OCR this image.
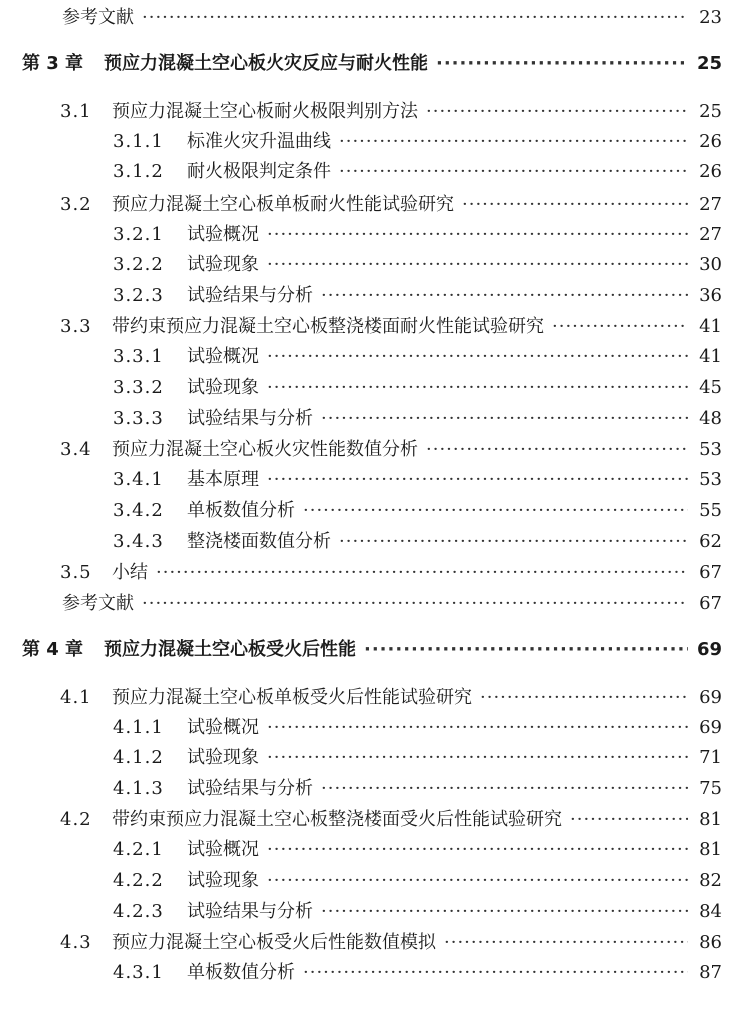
参考文献 ·····	23
第 3 章	预应力混凝土空心板火灾反应与耐火性能 ·····	25
3.1	预应力混凝土空心板耐火极限判别方法 ·····	25
3.1.1	标准火灾升温曲线 ·····	26
3.1.2	耐火极限判定条件 ·····	26
3.2	预应力混凝土空心板单板耐火性能试验研究 ·····	27
3.2.1	试验概况 ·····	27
3.2.2	试验现象 ·····	30
3.2.3	试验结果与分析 ·····	36
3.3	带约束预应力混凝土空心板整浇楼面耐火性能试验研究 ·····	41
3.3.1	试验概况 ·····	41
3.3.2	试验现象 ·····	45
3.3.3	试验结果与分析 ·····	48
3.4	预应力混凝土空心板火灾性能数值分析 ·····	53
3.4.1	基本原理 ·····	53
3.4.2	单板数值分析 ·····	55
3.4.3	整浇楼面数值分析 ·····	62
3.5	小结 ·····	67
参考文献 ·····	67
第 4 章	预应力混凝土空心板受火后性能 ·····	69
4.1	预应力混凝土空心板单板受火后性能试验研究 ·····	69
4.1.1	试验概况 ·····	69
4.1.2	试验现象 ·····	71
4.1.3	试验结果与分析 ·····	75
4.2	带约束预应力混凝土空心板整浇楼面受火后性能试验研究 ·····	81
4.2.1	试验概况 ·····	81
4.2.2	试验现象 ·····	82
4.2.3	试验结果与分析 ·····	84
4.3	预应力混凝土空心板受火后性能数值模拟 ·····	86
4.3.1	单板数值分析 ·····	87
